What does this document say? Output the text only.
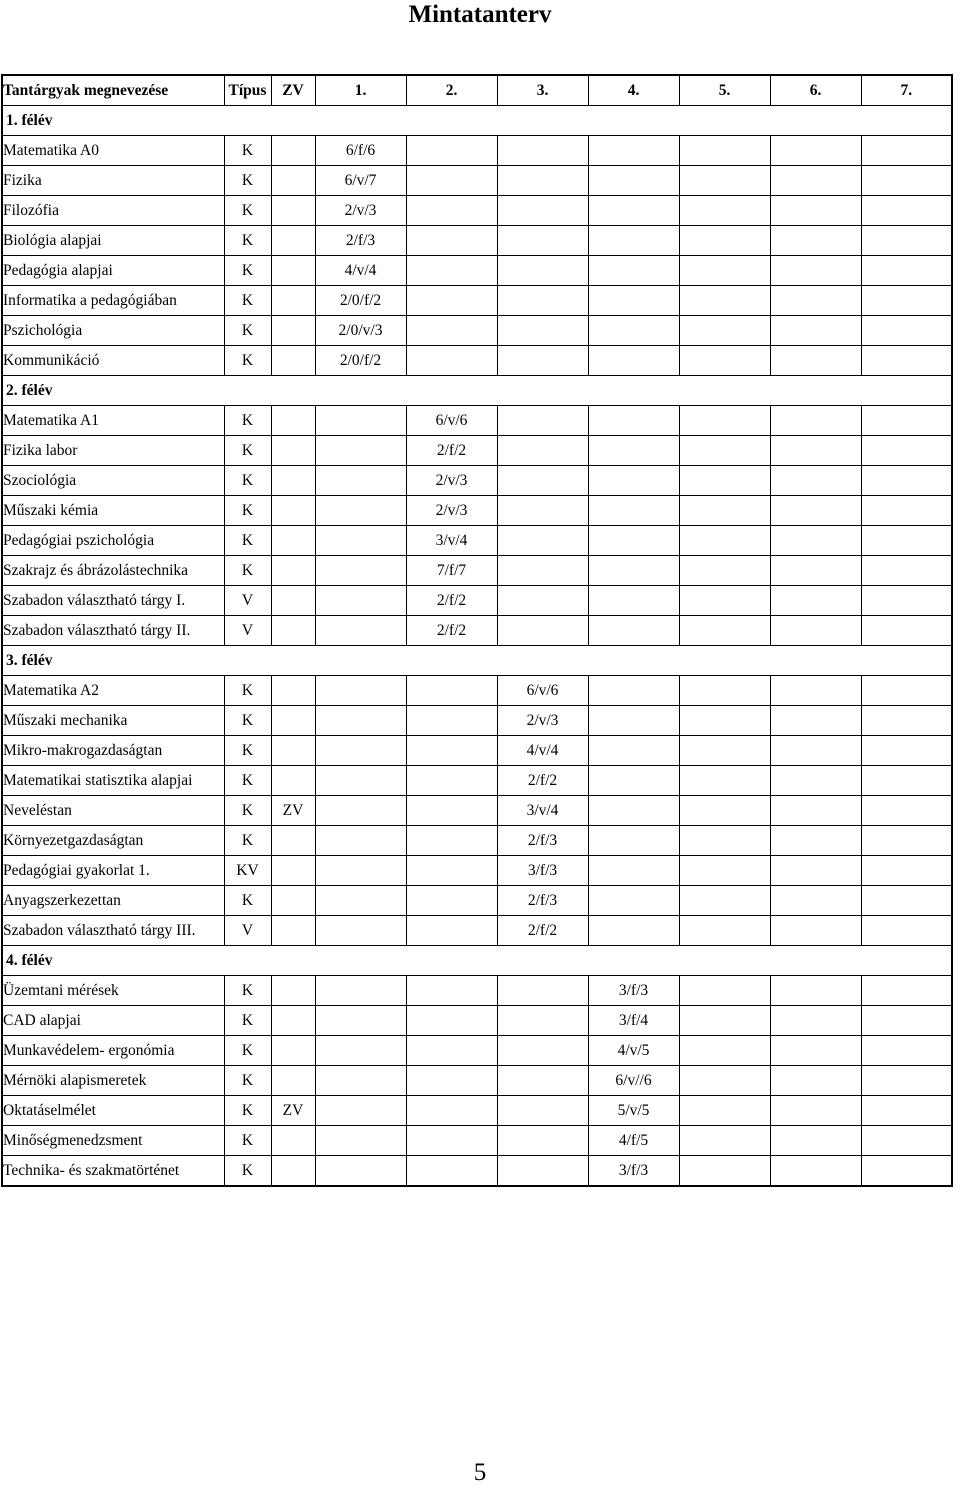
Mintatanterv
Tantárgyak megnevezése	Típus	ZV	1.	2.	3.	4.	5.	6.	7.
1. félév									
Matematika A0	K		6/f/6						
Fizika	K		6/v/7						
Filozófia	K		2/v/3						
Biológia alapjai	K		2/f/3						
Pedagógia alapjai	K		4/v/4						
Informatika a pedagógiában	K		2/0/f/2						
Pszichológia	K		2/0/v/3						
Kommunikáció	K		2/0/f/2						
2. félév									
Matematika A1	K			6/v/6					
Fizika labor	K			2/f/2					
Szociológia	K			2/v/3					
Műszaki kémia	K			2/v/3					
Pedagógiai pszichológia	K			3/v/4					
Szakrajz és ábrázolástechnika	K			7/f/7					
Szabadon választható tárgy I.	V			2/f/2					
Szabadon választható tárgy II.	V			2/f/2					
3. félév									
Matematika A2	K				6/v/6				
Műszaki mechanika	K				2/v/3				
Mikro-makrogazdaságtan	K				4/v/4				
Matematikai statisztika alapjai	K				2/f/2				
Neveléstan	K	ZV			3/v/4				
Környezetgazdaságtan	K				2/f/3				
Pedagógiai gyakorlat 1.	KV				3/f/3				
Anyagszerkezettan	K				2/f/3				
Szabadon választható tárgy III.	V				2/f/2				
4. félév									
Üzemtani mérések	K					3/f/3			
CAD alapjai	K					3/f/4			
Munkavédelem- ergonómia	K					4/v/5			
Mérnöki alapismeretek	K					6/v//6			
Oktatáselmélet	K	ZV				5/v/5			
Minőségmenedzsment	K					4/f/5			
Technika- és szakmatörténet	K					3/f/3			
5
